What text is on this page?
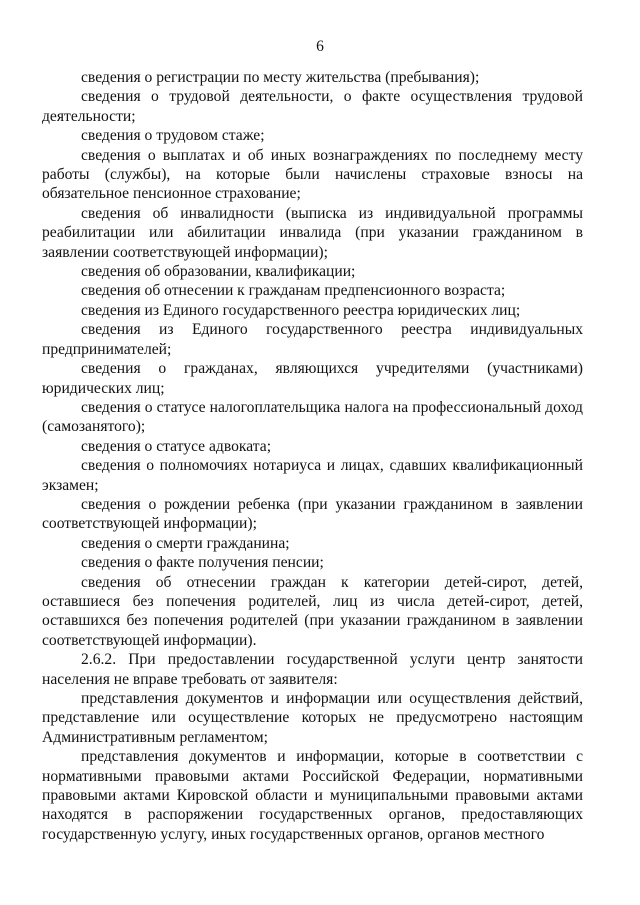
6

сведения о регистрации по месту жительства (пребывания);

сведения о трудовой деятельности, о факте осуществления трудовой деятельности;

сведения о трудовом стаже;

сведения о выплатах и об иных вознаграждениях по последнему месту работы (службы), на которые были начислены страховые взносы на обязательное пенсионное страхование;

сведения об инвалидности (выписка из индивидуальной программы реабилитации или абилитации инвалида (при указании гражданином в заявлении соответствующей информации);

сведения об образовании, квалификации;

сведения об отнесении к гражданам предпенсионного возраста;

сведения из Единого государственного реестра юридических лиц;

сведения из Единого государственного реестра индивидуальных предпринимателей;

сведения о гражданах, являющихся учредителями (участниками) юридических лиц;

сведения о статусе налогоплательщика налога на профессиональный доход (самозанятого);

сведения о статусе адвоката;

сведения о полномочиях нотариуса и лицах, сдавших квалификационный экзамен;

сведения о рождении ребенка (при указании гражданином в заявлении соответствующей информации);

сведения о смерти гражданина;

сведения о факте получения пенсии;

сведения об отнесении граждан к категории детей-сирот, детей, оставшиеся без попечения родителей, лиц из числа детей-сирот, детей, оставшихся без попечения родителей (при указании гражданином в заявлении соответствующей информации).

2.6.2. При предоставлении государственной услуги центр занятости населения не вправе требовать от заявителя:

представления документов и информации или осуществления действий, представление или осуществление которых не предусмотрено настоящим Административным регламентом;

представления документов и информации, которые в соответствии с нормативными правовыми актами Российской Федерации, нормативными правовыми актами Кировской области и муниципальными правовыми актами находятся в распоряжении государственных органов, предоставляющих государственную услугу, иных государственных органов, органов местного
